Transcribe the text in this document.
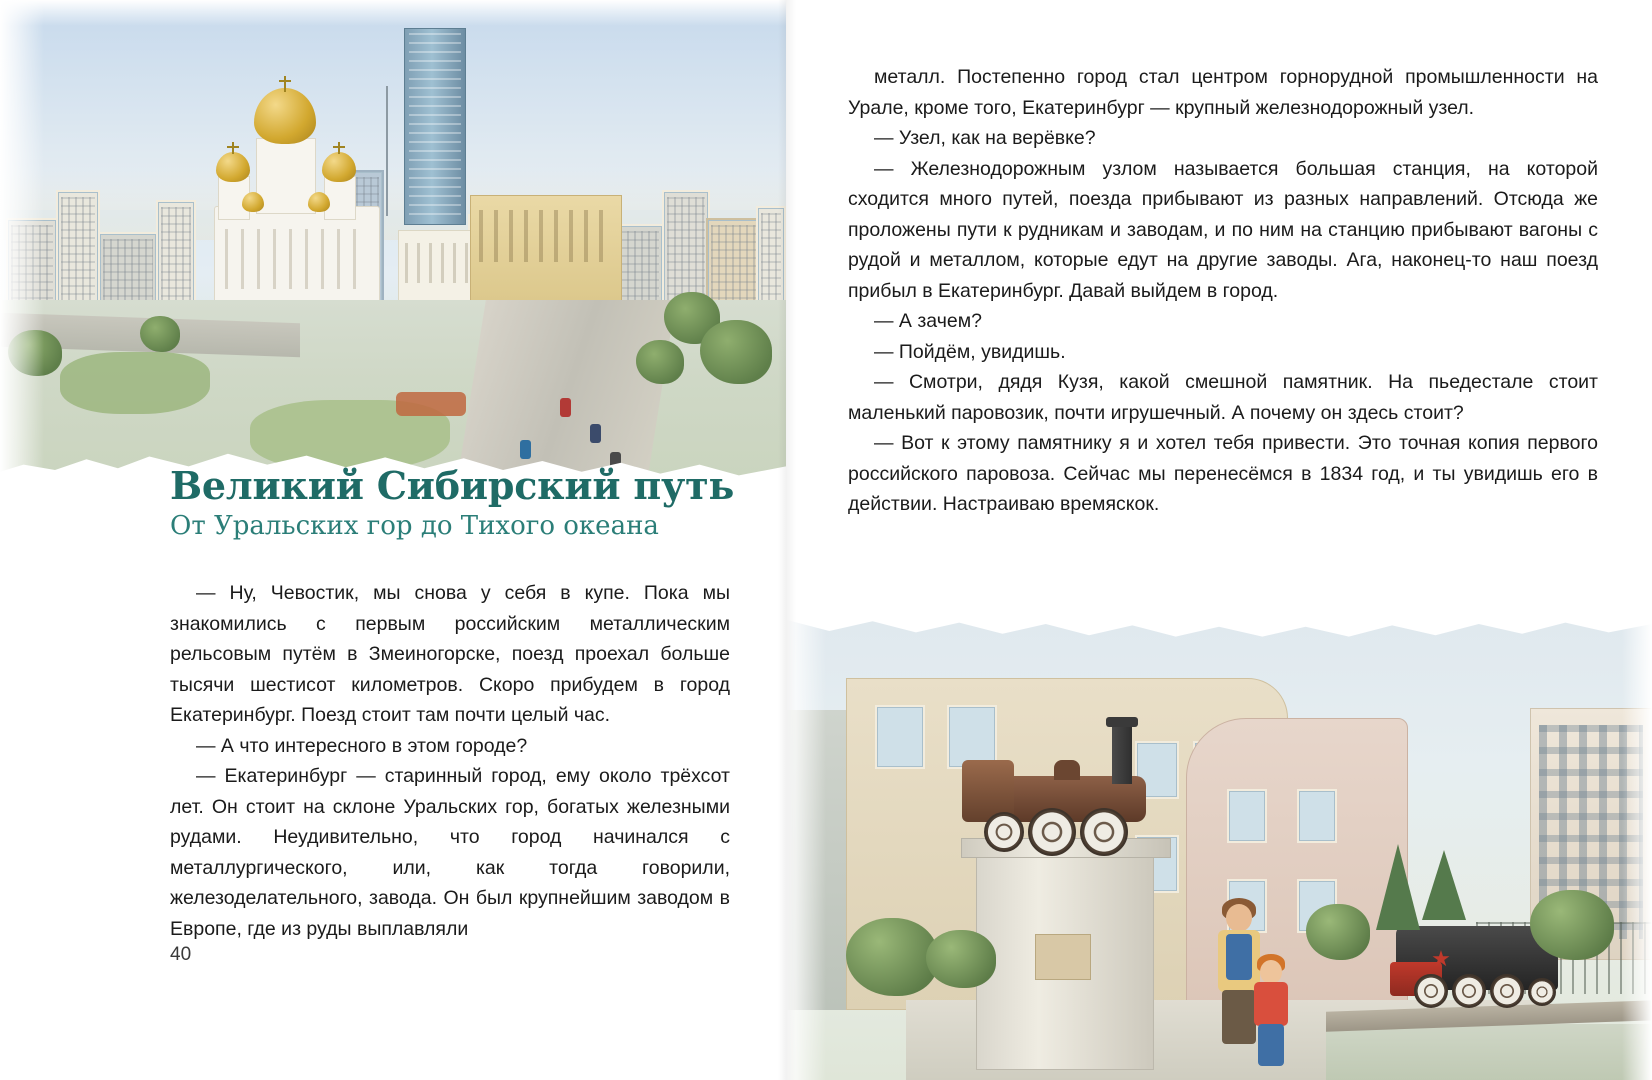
Великий Сибирский путь
От Уральских гор до Тихого океана

— Ну, Чевостик, мы снова у себя в купе. Пока мы знакомились с первым российским металлическим рельсовым путём в Змеиногорске, поезд проехал больше тысячи шестисот километров. Скоро прибудем в город Екатеринбург. Поезд стоит там почти целый час.

— А что интересного в этом городе?

— Екатеринбург — старинный город, ему около трёхсот лет. Он стоит на склоне Уральских гор, богатых железными рудами. Неудивительно, что город начинался с металлургического, или, как тогда говорили, железоделательного, завода. Он был крупнейшим заводом в Европе, где из руды выплавляли

40

металл. Постепенно город стал центром горнорудной промышленности на Урале, кроме того, Екатеринбург — крупный железнодорожный узел.

— Узел, как на верёвке?

— Железнодорожным узлом называется большая станция, на которой сходится много путей, поезда прибывают из разных направлений. Отсюда же проложены пути к рудникам и заводам, и по ним на станцию прибывают вагоны с рудой и металлом, которые едут на другие заводы. Ага, наконец-то наш поезд прибыл в Екатеринбург. Давай выйдем в город.

— А зачем?

— Пойдём, увидишь.

— Смотри, дядя Кузя, какой смешной памятник. На пьедестале стоит маленький паровозик, почти игрушечный. А почему он здесь стоит?

— Вот к этому памятнику я и хотел тебя привести. Это точная копия первого российского паровоза. Сейчас мы перенесёмся в 1834 год, и ты увидишь его в действии. Настраиваю времяскок.

★
